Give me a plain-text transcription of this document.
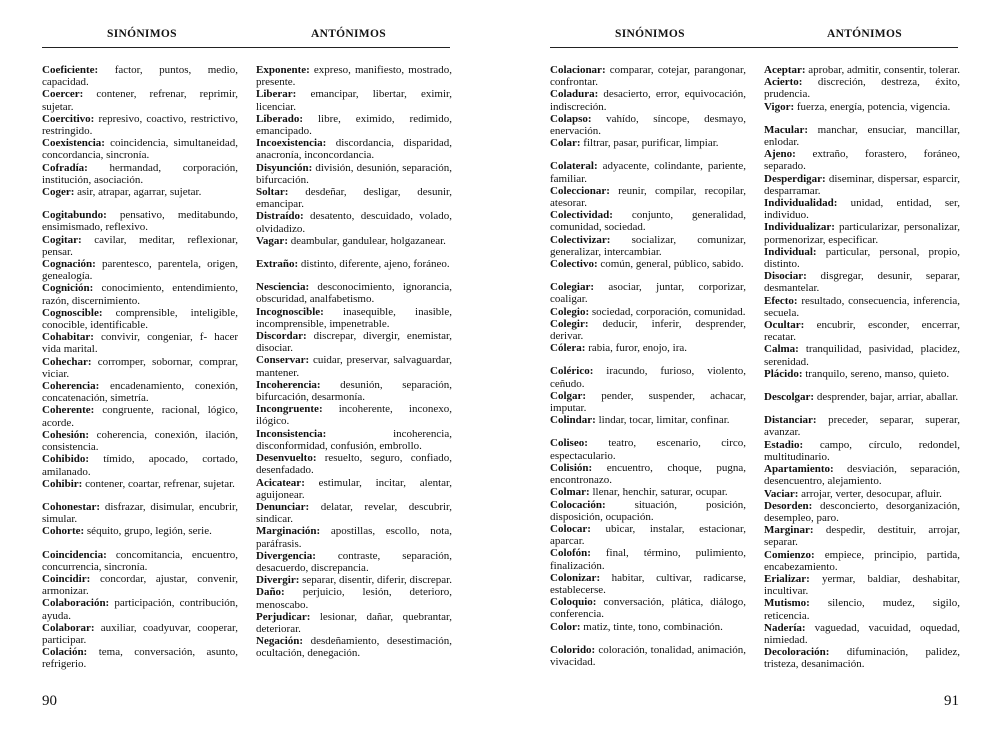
SINÓNIMOS	ANTÓNIMOS

Coeficiente: factor, puntos, medio, capacidad.

Coercer: contener, refrenar, reprimir, sujetar.

Coercitivo: represivo, coactivo, restrictivo, restringido.

Coexistencia: coincidencia, simultaneidad, concordancia, sincronía.

Cofradía: hermandad, corporación, institución, asociación.

Coger: asir, atrapar, agarrar, sujetar.

Cogitabundo: pensativo, meditabundo, ensimismado, reflexivo.

Cogitar: cavilar, meditar, reflexionar, pensar.

Cognación: parentesco, parentela, origen, genealogía.

Cognición: conocimiento, entendimiento, razón, discernimiento.

Cognoscible: comprensible, inteligible, conocible, identificable.

Cohabitar: convivir, congeniar, f- hacer vida marital.

Cohechar: corromper, sobornar, comprar, viciar.

Coherencia: encadenamiento, conexión, concatenación, simetría.

Coherente: congruente, racional, lógico, acorde.

Cohesión: coherencia, conexión, ilación, consistencia.

Cohibido: tímido, apocado, cortado, amilanado.

Cohibir: contener, coartar, refrenar, sujetar.

Cohonestar: disfrazar, disimular, encubrir, simular.

Cohorte: séquito, grupo, legión, serie.

Coincidencia: concomitancia, encuentro, concurrencia, sincronía.

Coincidir: concordar, ajustar, convenir, armonizar.

Colaboración: participación, contribución, ayuda.

Colaborar: auxiliar, coadyuvar, cooperar, participar.

Colación: tema, conversación, asunto, refrigerio.

Exponente: expreso, manifiesto, mostrado, presente.

Liberar: emancipar, libertar, eximir, licenciar.

Liberado: libre, eximido, redimido, emancipado.

Incoexistencia: discordancia, disparidad, anacronía, inconcordancia.

Disyunción: división, desunión, separación, bifurcación.

Soltar: desdeñar, desligar, desunir, emancipar.

Distraído: desatento, descuidado, volado, olvidadizo.

Vagar: deambular, gandulear, holgazanear.

Extraño: distinto, diferente, ajeno, foráneo.

Nesciencia: desconocimiento, ignorancia, obscuridad, analfabetismo.

Incognoscible: inasequible, inasible, incomprensible, impenetrable.

Discordar: discrepar, divergir, enemistar, disociar.

Conservar: cuidar, preservar, salvaguardar, mantener.

Incoherencia: desunión, separación, bifurcación, desarmonía.

Incongruente: incoherente, inconexo, ilógico.

Inconsistencia:	incoherencia, disconformidad, confusión, embrollo.

Desenvuelto: resuelto, seguro, confiado, desenfadado.

Acicatear: estimular, incitar, alentar, aguijonear.

Denunciar: delatar, revelar, descubrir, sindicar.

Marginación: apostillas, escollo, nota, paráfrasis.

Divergencia: contraste, separación, desacuerdo, discrepancia.

Divergir: separar, disentir, diferir, discrepar.

Daño: perjuicio, lesión, deterioro, menoscabo.

Perjudicar: lesionar, dañar, quebrantar, deteriorar.

Negación: desdeñamiento, desestimación, ocultación, denegación.

90
SINÓNIMOS	ANTÓNIMOS

Colacionar: comparar, cotejar, parangonar, confrontar.

Coladura: desacierto, error, equivocación, indiscreción.

Colapso: vahído, síncope, desmayo, enervación.

Colar: filtrar, pasar, purificar, limpiar.

Colateral: adyacente, colindante, pariente, familiar.

Coleccionar: reunir, compilar, recopilar, atesorar.

Colectividad: conjunto, generalidad, comunidad, sociedad.

Colectivizar: socializar, comunizar, generalizar, intercambiar.

Colectivo: común, general, público, sabido.

Colegiar: asociar, juntar, corporizar, coaligar.

Colegio: sociedad, corporación, comunidad.

Colegir: deducir, inferir, desprender, derivar.

Cólera: rabia, furor, enojo, ira.

Colérico: iracundo, furioso, violento, ceñudo.

Colgar: pender, suspender, achacar, imputar.

Colindar: lindar, tocar, limitar, confinar.

Coliseo: teatro, escenario, circo, espectaculario.

Colisión: encuentro, choque, pugna, encontronazo.

Colmar: llenar, henchir, saturar, ocupar.

Colocación:	situación, posición, disposición, ocupación.

Colocar: ubicar, instalar, estacionar, aparcar.

Colofón: final, término, pulimiento, finalización.

Colonizar: habitar, cultivar, radicarse, establecerse.

Coloquio: conversación, plática, diálogo, conferencia.

Color: matiz, tinte, tono, combinación.

Colorido: coloración, tonalidad, animación, vivacidad.

Aceptar: aprobar, admitir, consentir, tolerar.

Acierto: discreción, destreza, éxito, prudencia.

Vigor: fuerza, energía, potencia, vigencia.

Macular: manchar, ensuciar, mancillar, enlodar.

Ajeno: extraño, forastero, foráneo, separado.

Desperdigar: diseminar, dispersar, esparcir, desparramar.

Individualidad: unidad, entidad, ser, individuo.

Individualizar: particularizar, personalizar, pormenorizar, especificar.

Individual: particular, personal, propio, distinto.

Disociar: disgregar, desunir, separar, desmantelar.

Efecto: resultado, consecuencia, inferencia, secuela.

Ocultar: encubrir, esconder, encerrar, recatar.

Calma: tranquilidad, pasividad, placidez, serenidad.

Plácido: tranquilo, sereno, manso, quieto.

Descolgar: desprender, bajar, arriar, aballar.

Distanciar: preceder, separar, superar, avanzar.

Estadio: campo, círculo, redondel, multitudinario.

Apartamiento: desviación, separación, desencuentro, alejamiento.

Vaciar: arrojar, verter, desocupar, afluir.

Desorden: desconcierto, desorganización, desempleo, paro.

Marginar: despedir, destituir, arrojar, separar.

Comienzo: empiece, principio, partida, encabezamiento.

Erializar: yermar, baldiar, deshabitar, incultivar.

Mutismo: silencio, mudez, sigilo, reticencia.

Nadería: vaguedad, vacuidad, oquedad, nimiedad.

Decoloración: difuminación, palidez, tristeza, desanimación.

91
